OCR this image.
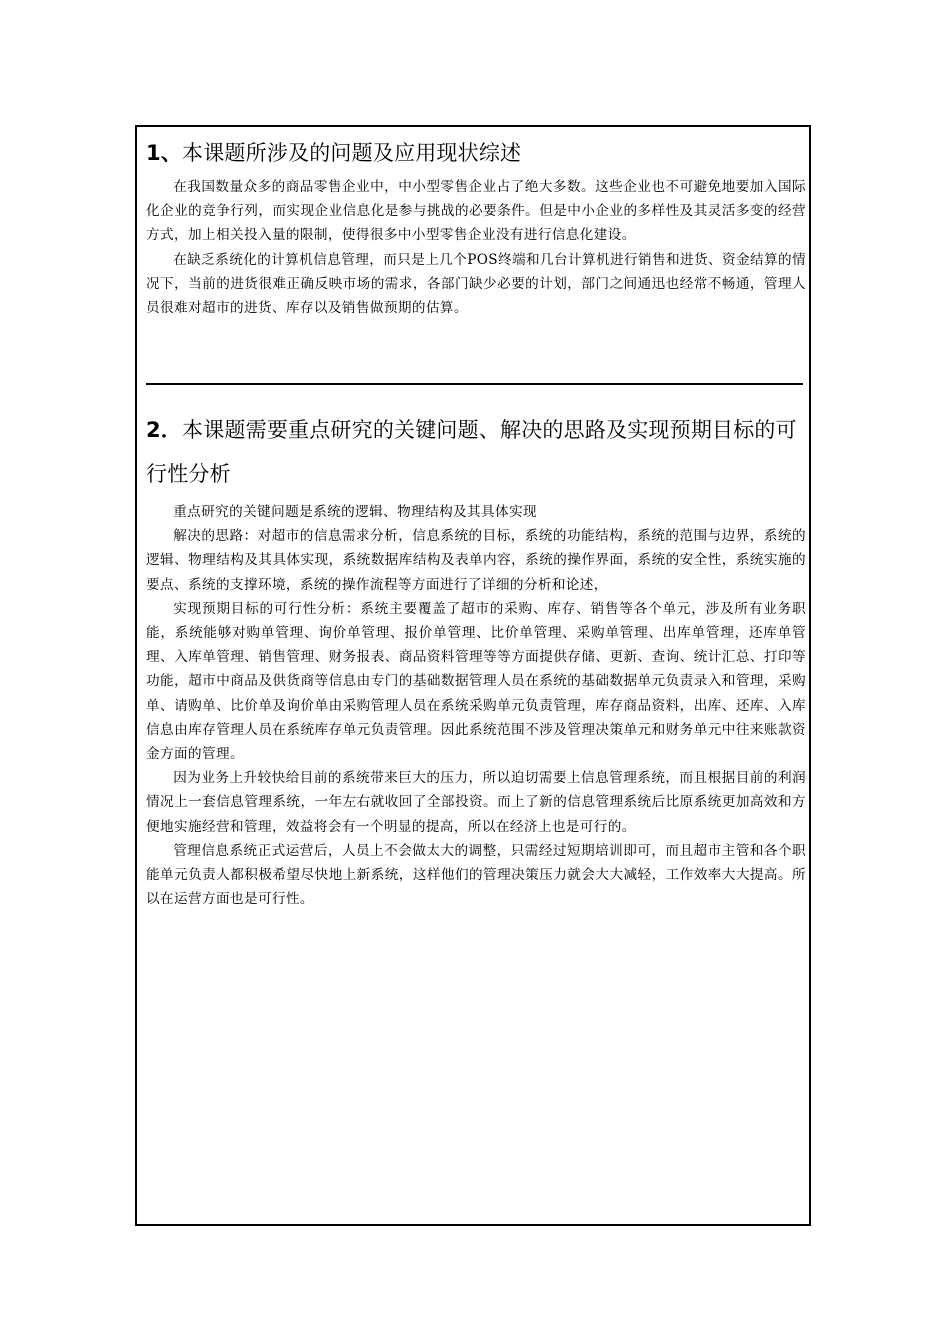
1、本课题所涉及的问题及应用现状综述

在我国数量众多的商品零售企业中，中小型零售企业占了绝大多数。这些企业也不可避免地要加入国际化企业的竞争行列，而实现企业信息化是参与挑战的必要条件。但是中小企业的多样性及其灵活多变的经营方式，加上相关投入量的限制，使得很多中小型零售企业没有进行信息化建设。

在缺乏系统化的计算机信息管理，而只是上几个POS终端和几台计算机进行销售和进货、资金结算的情况下，当前的进货很难正确反映市场的需求，各部门缺少必要的计划，部门之间通迅也经常不畅通，管理人员很难对超市的进货、库存以及销售做预期的估算。

2．本课题需要重点研究的关键问题、解决的思路及实现预期目标的可行性分析

重点研究的关键问题是系统的逻辑、物理结构及其具体实现

解决的思路：对超市的信息需求分析，信息系统的目标，系统的功能结构，系统的范围与边界，系统的逻辑、物理结构及其具体实现，系统数据库结构及表单内容，系统的操作界面，系统的安全性，系统实施的要点、系统的支撑环境，系统的操作流程等方面进行了详细的分析和论述，

实现预期目标的可行性分析：系统主要覆盖了超市的采购、库存、销售等各个单元，涉及所有业务职能，系统能够对购单管理、询价单管理、报价单管理、比价单管理、采购单管理、出库单管理，还库单管理、入库单管理、销售管理、财务报表、商品资料管理等等方面提供存储、更新、查询、统计汇总、打印等功能，超市中商品及供货商等信息由专门的基础数据管理人员在系统的基础数据单元负责录入和管理，采购单、请购单、比价单及询价单由采购管理人员在系统采购单元负责管理，库存商品资料，出库、还库、入库信息由库存管理人员在系统库存单元负责管理。因此系统范围不涉及管理决策单元和财务单元中往来账款资金方面的管理。

因为业务上升较快给目前的系统带来巨大的压力，所以迫切需要上信息管理系统，而且根据目前的利润情况上一套信息管理系统，一年左右就收回了全部投资。而上了新的信息管理系统后比原系统更加高效和方便地实施经营和管理，效益将会有一个明显的提高，所以在经济上也是可行的。

管理信息系统正式运营后，人员上不会做太大的调整，只需经过短期培训即可，而且超市主管和各个职能单元负责人都积极希望尽快地上新系统，这样他们的管理决策压力就会大大减轻，工作效率大大提高。所以在运营方面也是可行性。
